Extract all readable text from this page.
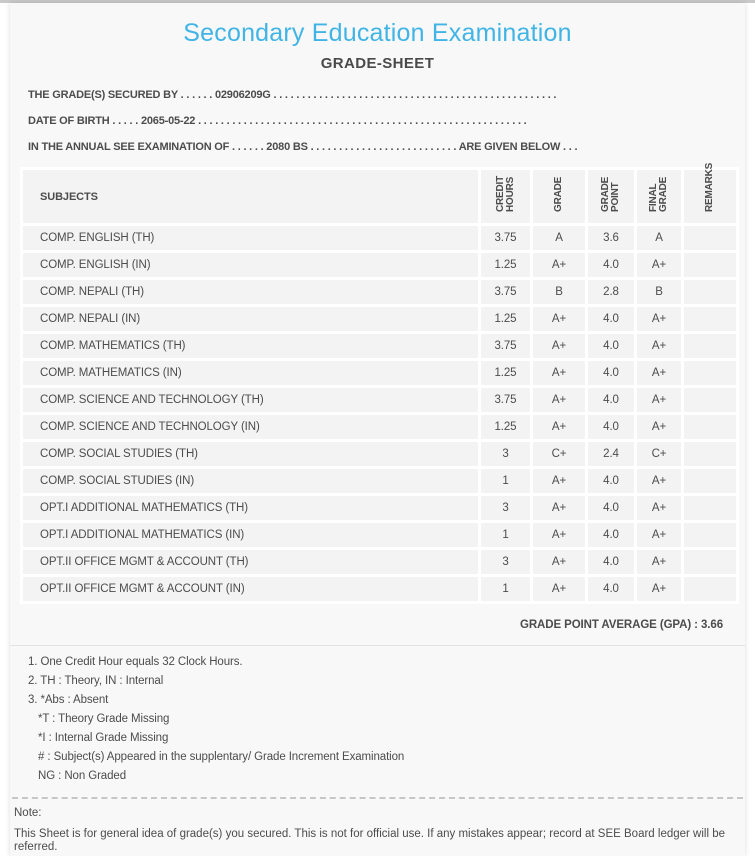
Secondary Education Examination
GRADE-SHEET
THE GRADE(S) SECURED BY . . . . . . 02906209G . . . . . . . . . . . . . . . . . . . . . . . . . . . . . . . . . . . . . . . . . . . . . . . . . .
DATE OF BIRTH . . . . . 2065-05-22 . . . . . . . . . . . . . . . . . . . . . . . . . . . . . . . . . . . . . . . . . . . . . . . . . . . . . . . . . .
IN THE ANNUAL SEE EXAMINATION OF . . . . . . 2080 BS . . . . . . . . . . . . . . . . . . . . . . . . . . ARE GIVEN BELOW . . .
SUBJECTS	CREDIT HOURS	GRADE	GRADE POINT	FINAL GRADE	REMARKS
COMP. ENGLISH (TH)	3.75	A	3.6	A	
COMP. ENGLISH (IN)	1.25	A+	4.0	A+	
COMP. NEPALI (TH)	3.75	B	2.8	B	
COMP. NEPALI (IN)	1.25	A+	4.0	A+	
COMP. MATHEMATICS (TH)	3.75	A+	4.0	A+	
COMP. MATHEMATICS (IN)	1.25	A+	4.0	A+	
COMP. SCIENCE AND TECHNOLOGY (TH)	3.75	A+	4.0	A+	
COMP. SCIENCE AND TECHNOLOGY (IN)	1.25	A+	4.0	A+	
COMP. SOCIAL STUDIES (TH)	3	C+	2.4	C+	
COMP. SOCIAL STUDIES (IN)	1	A+	4.0	A+	
OPT.I ADDITIONAL MATHEMATICS (TH)	3	A+	4.0	A+	
OPT.I ADDITIONAL MATHEMATICS (IN)	1	A+	4.0	A+	
OPT.II OFFICE MGMT & ACCOUNT (TH)	3	A+	4.0	A+	
OPT.II OFFICE MGMT & ACCOUNT (IN)	1	A+	4.0	A+	
GRADE POINT AVERAGE (GPA) : 3.66
1. One Credit Hour equals 32 Clock Hours.
2. TH : Theory, IN : Internal
3. *Abs : Absent
*T : Theory Grade Missing
*I : Internal Grade Missing
# : Subject(s) Appeared in the supplentary/ Grade Increment Examination
NG : Non Graded
Note:
This Sheet is for general idea of grade(s) you secured. This is not for official use. If any mistakes appear; record at SEE Board ledger will be referred.
